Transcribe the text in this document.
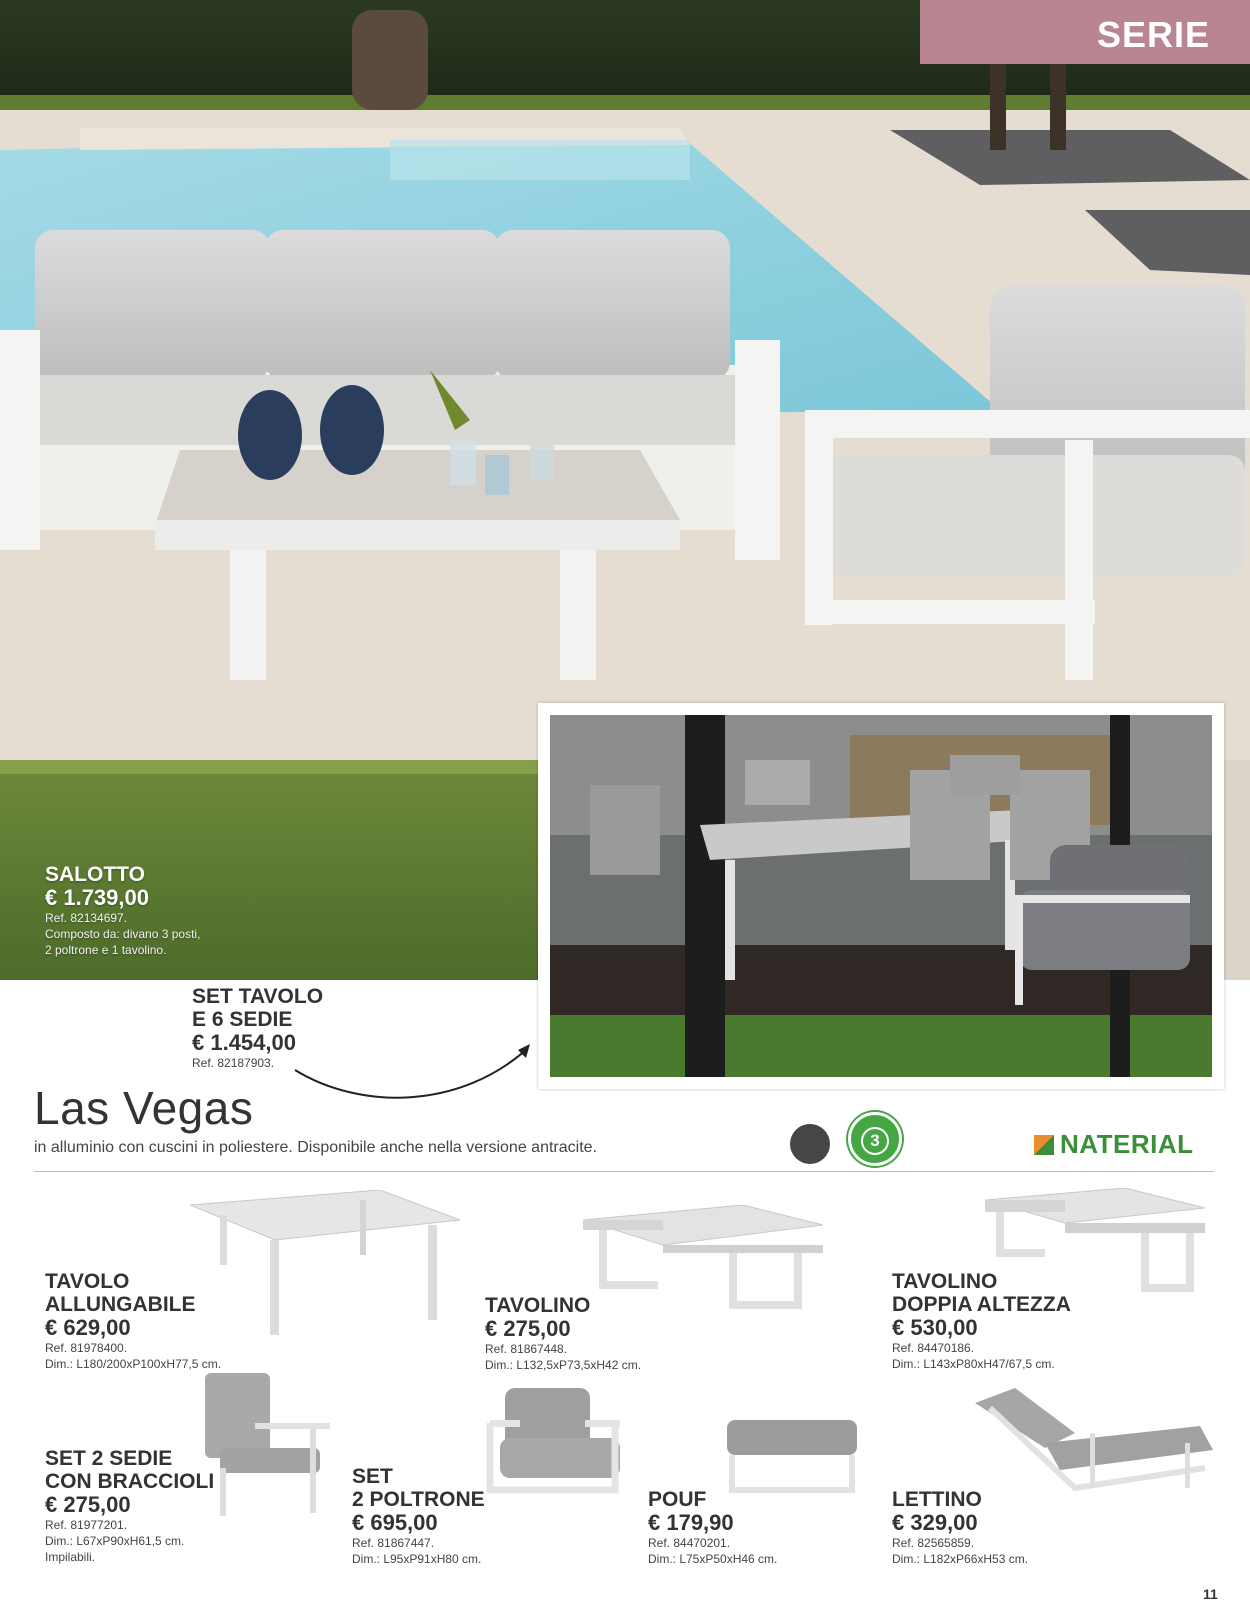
SERIE
SALOTTO
€ 1.739,00
Ref. 82134697.
Composto da: divano 3 posti,
2 poltrone e 1 tavolino.
SET TAVOLO
E 6 SEDIE
€ 1.454,00
Ref. 82187903.
Las Vegas
in alluminio con cuscini in poliestere. Disponibile anche nella versione antracite.	3	NATERIAL
TAVOLO
ALLUNGABILE
€ 629,00
Ref. 81978400.
Dim.: L180/200xP100xH77,5 cm.
TAVOLINO
€ 275,00
Ref. 81867448.
Dim.: L132,5xP73,5xH42 cm.
TAVOLINO
DOPPIA ALTEZZA
€ 530,00
Ref. 84470186.
Dim.: L143xP80xH47/67,5 cm.
SET 2 SEDIE
CON BRACCIOLI
€ 275,00
Ref. 81977201.
Dim.: L67xP90xH61,5 cm.
Impilabili.
SET
2 POLTRONE
€ 695,00
Ref. 81867447.
Dim.: L95xP91xH80 cm.
POUF
€ 179,90
Ref. 84470201.
Dim.: L75xP50xH46 cm.
LETTINO
€ 329,00
Ref. 82565859.
Dim.: L182xP66xH53 cm.
11
